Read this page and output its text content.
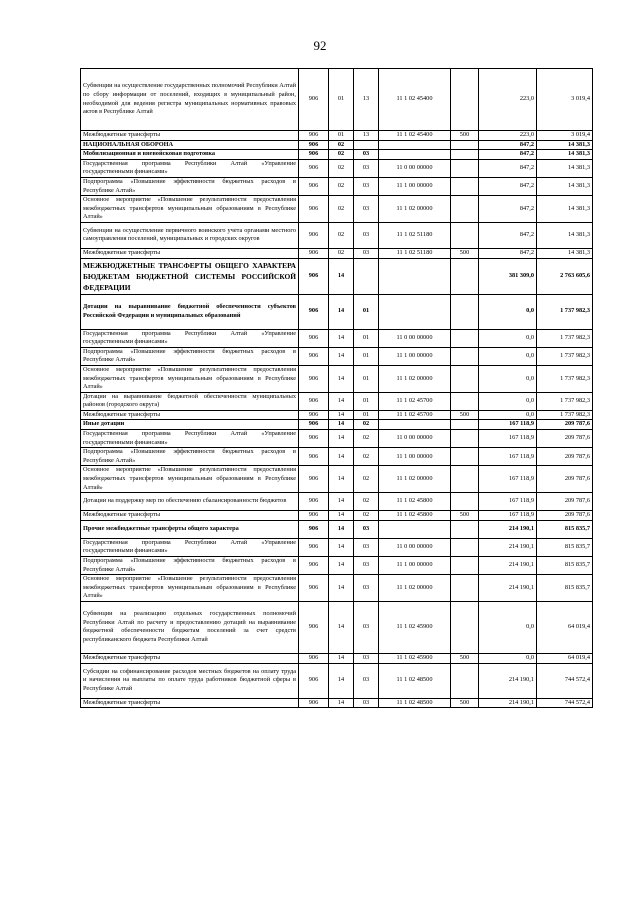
92
Субвенции на осуществление государственных полномочий Республики Алтай по сбору информации от поселений, входящих в муниципальный район, необходимой для ведения регистра муниципальных нормативных правовых актов в Республике Алтай	906	01	13	11 1 02 45400		223,0	3 019,4
Межбюджетные трансферты	906	01	13	11 1 02 45400	500	223,0	3 019,4
НАЦИОНАЛЬНАЯ ОБОРОНА	906	02				847,2	14 381,3
Мобилизационная и вневойсковая подготовка	906	02	03			847,2	14 381,3
Государственная программа Республики Алтай «Управление государственными финансами»	906	02	03	11 0 00 00000		847,2	14 381,3
Подпрограмма «Повышение эффективности бюджетных расходов в Республике Алтай»	906	02	03	11 1 00 00000		847,2	14 381,3
Основное мероприятие «Повышение результативности предоставления межбюджетных трансфертов муниципальным образованиям в Республике Алтай»	906	02	03	11 1 02 00000		847,2	14 381,3
Субвенции на осуществление первичного воинского учета органами местного самоуправления поселений, муниципальных и городских округов	906	02	03	11 1 02 51180		847,2	14 381,3
Межбюджетные трансферты	906	02	03	11 1 02 51180	500	847,2	14 381,3
МЕЖБЮДЖЕТНЫЕ ТРАНСФЕРТЫ ОБЩЕГО ХАРАКТЕРА БЮДЖЕТАМ БЮДЖЕТНОЙ СИСТЕМЫ РОССИЙСКОЙ ФЕДЕРАЦИИ	906	14				381 309,0	2 763 605,6
Дотации на выравнивание бюджетной обеспеченности субъектов Российской Федерации и муниципальных образований	906	14	01			0,0	1 737 982,3
Государственная программа Республики Алтай «Управление государственными финансами»	906	14	01	11 0 00 00000		0,0	1 737 982,3
Подпрограмма «Повышение эффективности бюджетных расходов в Республике Алтай»	906	14	01	11 1 00 00000		0,0	1 737 982,3
Основное мероприятие «Повышение результативности предоставления межбюджетных трансфертов муниципальным образованиям в Республике Алтай»	906	14	01	11 1 02 00000		0,0	1 737 982,3
Дотации на выравнивание бюджетной обеспеченности муниципальных районов (городского округа)	906	14	01	11 1 02 45700		0,0	1 737 982,3
Межбюджетные трансферты	906	14	01	11 1 02 45700	500	0,0	1 737 982,3
Иные дотации	906	14	02			167 118,9	209 787,6
Государственная программа Республики Алтай «Управление государственными финансами»	906	14	02	11 0 00 00000		167 118,9	209 787,6
Подпрограмма «Повышение эффективности бюджетных расходов в Республике Алтай»	906	14	02	11 1 00 00000		167 118,9	209 787,6
Основное мероприятие «Повышение результативности предоставления межбюджетных трансфертов муниципальным образованиям в Республике Алтай»	906	14	02	11 1 02 00000		167 118,9	209 787,6
Дотации на поддержку мер по обеспечению сбалансированности бюджетов	906	14	02	11 1 02 45800		167 118,9	209 787,6
Межбюджетные трансферты	906	14	02	11 1 02 45800	500	167 118,9	209 787,6
Прочие межбюджетные трансферты общего характера	906	14	03			214 190,1	815 835,7
Государственная программа Республики Алтай «Управление государственными финансами»	906	14	03	11 0 00 00000		214 190,1	815 835,7
Подпрограмма «Повышение эффективности бюджетных расходов в Республике Алтай»	906	14	03	11 1 00 00000		214 190,1	815 835,7
Основное мероприятие «Повышение результативности предоставления межбюджетных трансфертов муниципальным образованиям в Республике Алтай»	906	14	03	11 1 02 00000		214 190,1	815 835,7
Субвенции на реализацию отдельных государственных полномочий Республики Алтай по расчету и предоставлению дотаций на выравнивание бюджетной обеспеченности бюджетам поселений за счет средств республиканского бюджета Республики Алтай	906	14	03	11 1 02 45900		0,0	64 019,4
Межбюджетные трансферты	906	14	03	11 1 02 45900	500	0,0	64 019,4
Субсидии на софинансирование расходов местных бюджетов на оплату труда и начисления на выплаты по оплате труда работников бюджетной сферы в Республике Алтай	906	14	03	11 1 02 48500		214 190,1	744 572,4
Межбюджетные трансферты	906	14	03	11 1 02 48500	500	214 190,1	744 572,4
